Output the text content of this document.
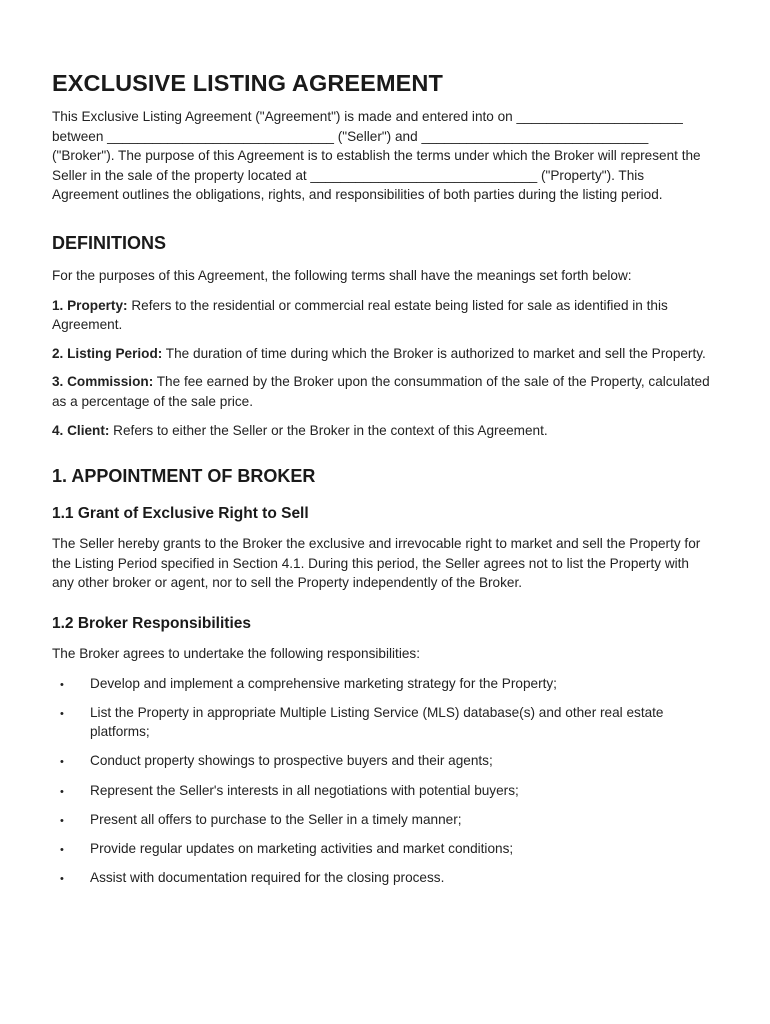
EXCLUSIVE LISTING AGREEMENT

This Exclusive Listing Agreement ("Agreement") is made and entered into on ______________________ between ______________________________ ("Seller") and ______________________________ ("Broker"). The purpose of this Agreement is to establish the terms under which the Broker will represent the Seller in the sale of the property located at ______________________________ ("Property"). This Agreement outlines the obligations, rights, and responsibilities of both parties during the listing period.

DEFINITIONS

For the purposes of this Agreement, the following terms shall have the meanings set forth below:

1. Property: Refers to the residential or commercial real estate being listed for sale as identified in this Agreement.

2. Listing Period: The duration of time during which the Broker is authorized to market and sell the Property.

3. Commission: The fee earned by the Broker upon the consummation of the sale of the Property, calculated as a percentage of the sale price.

4. Client: Refers to either the Seller or the Broker in the context of this Agreement.

1. APPOINTMENT OF BROKER
1.1 Grant of Exclusive Right to Sell

The Seller hereby grants to the Broker the exclusive and irrevocable right to market and sell the Property for the Listing Period specified in Section 4.1. During this period, the Seller agrees not to list the Property with any other broker or agent, nor to sell the Property independently of the Broker.

1.2 Broker Responsibilities

The Broker agrees to undertake the following responsibilities:

• Develop and implement a comprehensive marketing strategy for the Property;

• List the Property in appropriate Multiple Listing Service (MLS) database(s) and other real estate platforms;

• Conduct property showings to prospective buyers and their agents;

• Represent the Seller's interests in all negotiations with potential buyers;

• Present all offers to purchase to the Seller in a timely manner;

• Provide regular updates on marketing activities and market conditions;

• Assist with documentation required for the closing process.
